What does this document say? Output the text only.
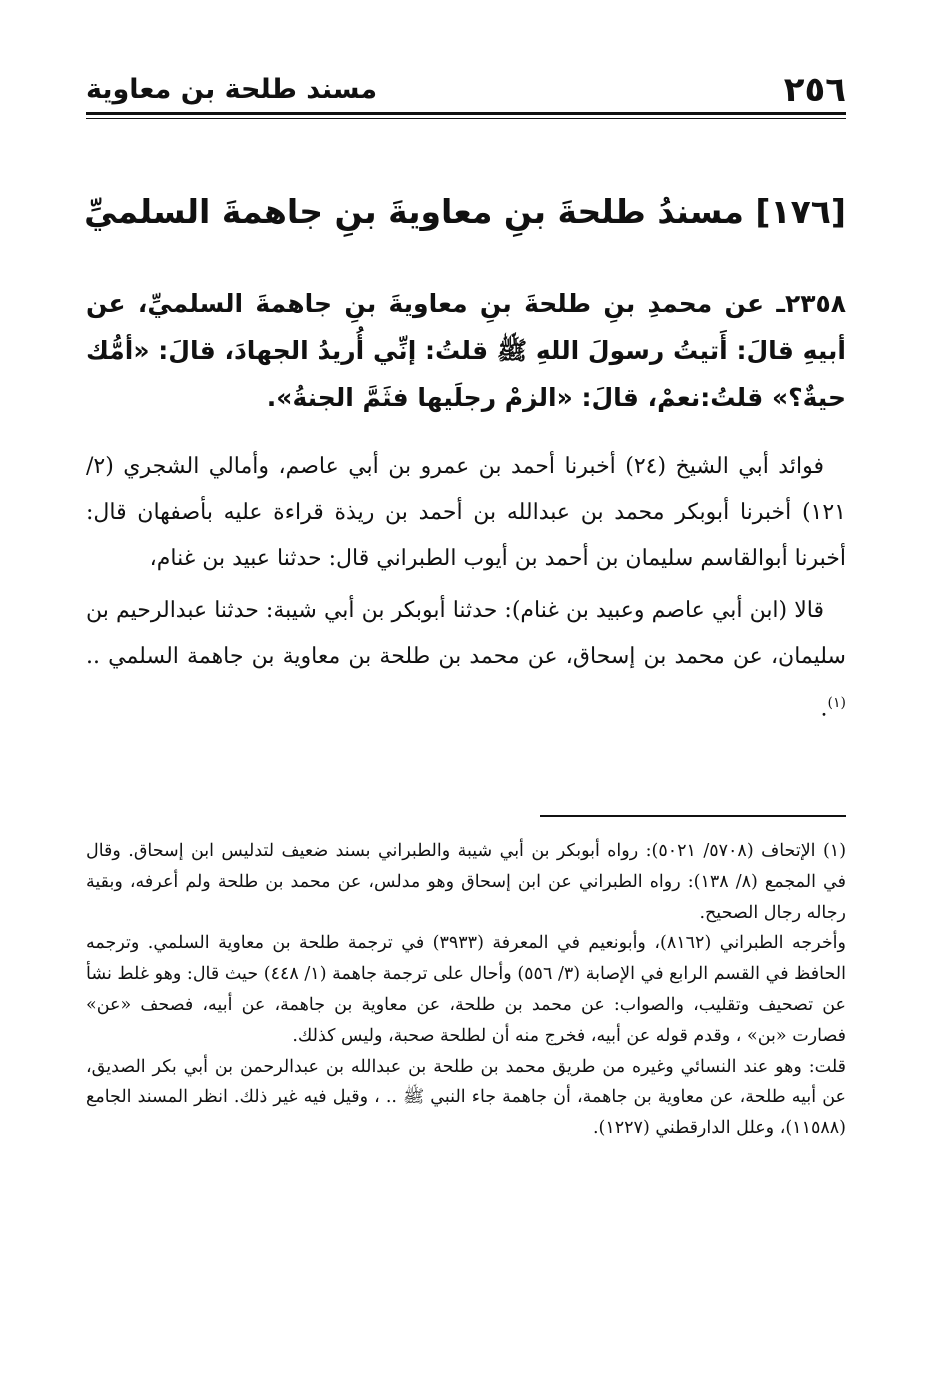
٢٥٦
مسند طلحة بن معاوية
[١٧٦] مسندُ طلحةَ بنِ معاويةَ بنِ جاهمةَ السلميِّ
٢٣٥٨ـ عن محمدِ بنِ طلحةَ بنِ معاويةَ بنِ جاهمةَ السلميِّ، عن أبيهِ قالَ: أَتيتُ رسولَ اللهِ ﷺ قلتُ: إنِّي أُريدُ الجهادَ، قالَ: «أمُّك حيةٌ؟» قلتُ:نعمْ، قالَ: «الزمْ رجلَيها فثَمَّ الجنةُ».

فوائد أبي الشيخ (٢٤) أخبرنا أحمد بن عمرو بن أبي عاصم، وأمالي الشجري (٢/ ١٢١) أخبرنا أبوبكر محمد بن عبدالله بن أحمد بن ريذة قراءة عليه بأصفهان قال: أخبرنا أبوالقاسم سليمان بن أحمد بن أيوب الطبراني قال: حدثنا عبيد بن غنام،

قالا (ابن أبي عاصم وعبيد بن غنام): حدثنا أبوبكر بن أبي شيبة: حدثنا عبدالرحيم بن سليمان، عن محمد بن إسحاق، عن محمد بن طلحة بن معاوية بن جاهمة السلمي .. $^{(١)}$.

(١) الإتحاف (٥٧٠٨/ ٥٠٢١): رواه أبوبكر بن أبي شيبة والطبراني بسند ضعيف لتدليس ابن إسحاق. وقال في المجمع (٨/ ١٣٨): رواه الطبراني عن ابن إسحاق وهو مدلس، عن محمد بن طلحة ولم أعرفه، وبقية رجاله رجال الصحيح.

وأخرجه الطبراني (٨١٦٢)، وأبونعيم في المعرفة (٣٩٣٣) في ترجمة طلحة بن معاوية السلمي. وترجمه الحافظ في القسم الرابع في الإصابة (٣/ ٥٥٦) وأحال على ترجمة جاهمة (١/ ٤٤٨) حيث قال: وهو غلط نشأ عن تصحيف وتقليب، والصواب: عن محمد بن طلحة، عن معاوية بن جاهمة، عن أبيه، فصحف «عن» فصارت «بن» ، وقدم قوله عن أبيه، فخرج منه أن لطلحة صحبة، وليس كذلك.

قلت: وهو عند النسائي وغيره من طريق محمد بن طلحة بن عبدالله بن عبدالرحمن بن أبي بكر الصديق، عن أبيه طلحة، عن معاوية بن جاهمة، أن جاهمة جاء النبي ﷺ .. ، وقيل فيه غير ذلك. انظر المسند الجامع (١١٥٨٨)، وعلل الدارقطني (١٢٢٧).
